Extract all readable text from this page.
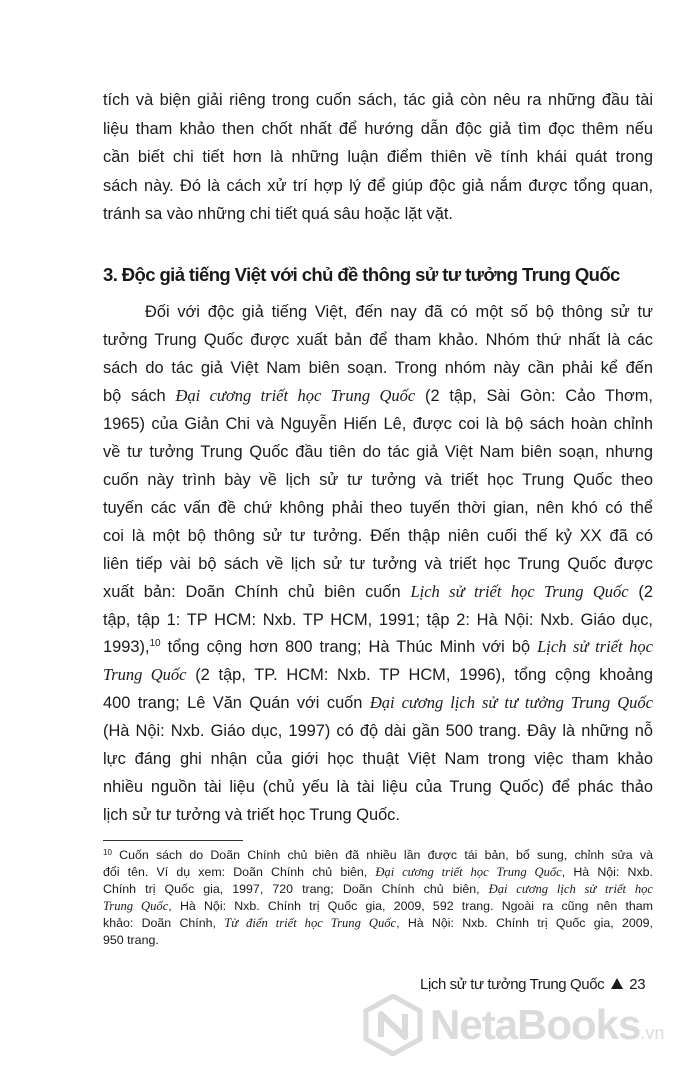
tích và biện giải riêng trong cuốn sách, tác giả còn nêu ra những đầu tài
liệu tham khảo then chốt nhất để hướng dẫn độc giả tìm đọc thêm nếu
cần biết chi tiết hơn là những luận điểm thiên về tính khái quát trong
sách này. Đó là cách xử trí hợp lý để giúp độc giả nắm được tổng quan,
tránh sa vào những chi tiết quá sâu hoặc lặt vặt.
3. Độc giả tiếng Việt với chủ đề thông sử tư tưởng Trung Quốc
Đối với độc giả tiếng Việt, đến nay đã có một số bộ thông sử tư
tưởng Trung Quốc được xuất bản để tham khảo. Nhóm thứ nhất là các
sách do tác giả Việt Nam biên soạn. Trong nhóm này cần phải kể đến
bộ sách Đại cương triết học Trung Quốc (2 tập, Sài Gòn: Cảo Thơm,
1965) của Giản Chi và Nguyễn Hiến Lê, được coi là bộ sách hoàn chỉnh
về tư tưởng Trung Quốc đầu tiên do tác giả Việt Nam biên soạn, nhưng
cuốn này trình bày về lịch sử tư tưởng và triết học Trung Quốc theo
tuyến các vấn đề chứ không phải theo tuyến thời gian, nên khó có thể
coi là một bộ thông sử tư tưởng. Đến thập niên cuối thế kỷ XX đã có
liên tiếp vài bộ sách về lịch sử tư tưởng và triết học Trung Quốc được
xuất bản: Doãn Chính chủ biên cuốn Lịch sử triết học Trung Quốc (2
tập, tập 1: TP HCM: Nxb. TP HCM, 1991; tập 2: Hà Nội: Nxb. Giáo dục,
1993),$^{10}$ tổng cộng hơn 800 trang; Hà Thúc Minh với bộ Lịch sử triết học
Trung Quốc (2 tập, TP. HCM: Nxb. TP HCM, 1996), tổng cộng khoảng
400 trang; Lê Văn Quán với cuốn Đại cương lịch sử tư tưởng Trung Quốc
(Hà Nội: Nxb. Giáo dục, 1997) có độ dài gần 500 trang. Đây là những nỗ
lực đáng ghi nhận của giới học thuật Việt Nam trong việc tham khảo
nhiều nguồn tài liệu (chủ yếu là tài liệu của Trung Quốc) để phác thảo
lịch sử tư tưởng và triết học Trung Quốc.
$^{10}$ Cuốn sách do Doãn Chính chủ biên đã nhiều lần được tái bản, bổ sung, chỉnh sửa và
đổi tên. Ví dụ xem: Doãn Chính chủ biên, Đại cương triết học Trung Quốc, Hà Nội: Nxb.
Chính trị Quốc gia, 1997, 720 trang; Doãn Chính chủ biên, Đại cương lịch sử triết học
Trung Quốc, Hà Nội: Nxb. Chính trị Quốc gia, 2009, 592 trang. Ngoài ra cũng nên tham
khảo: Doãn Chính, Từ điển triết học Trung Quốc, Hà Nội: Nxb. Chính trị Quốc gia, 2009,
950 trang.
Lịch sử tư tưởng Trung Quốc 23
NetaBooks.vn
